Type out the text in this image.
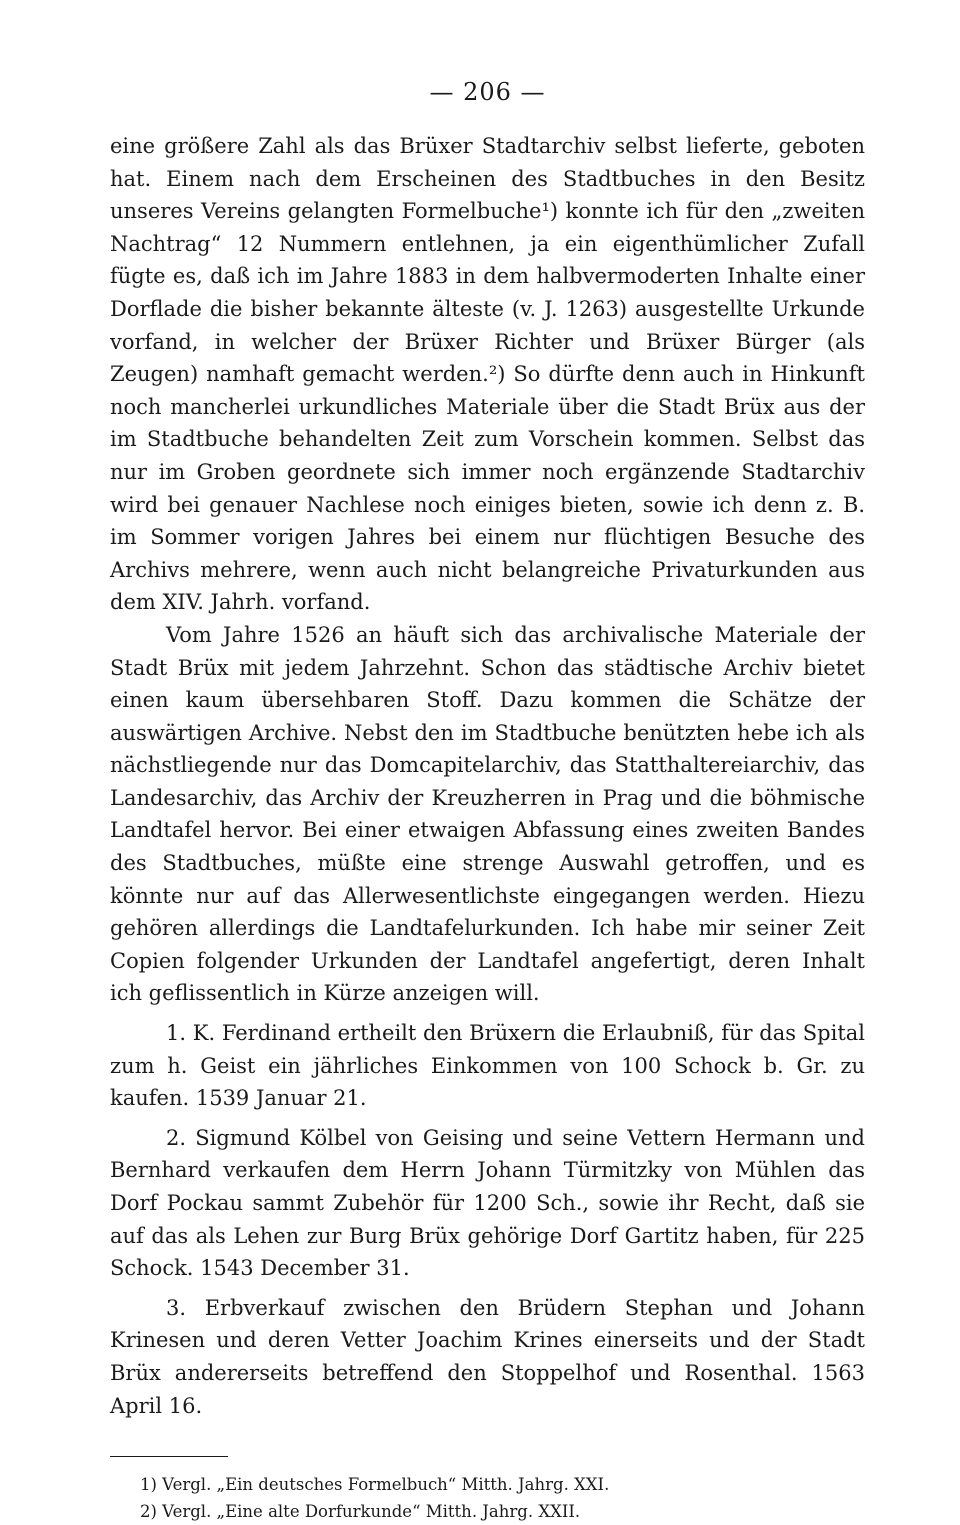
— 206 —

eine größere Zahl als das Brüxer Stadtarchiv selbst lieferte, geboten hat. Einem nach dem Erscheinen des Stadtbuches in den Besitz unseres Vereins gelangten Formelbuche¹) konnte ich für den „zweiten Nachtrag“ 12 Nummern entlehnen, ja ein eigenthümlicher Zufall fügte es, daß ich im Jahre 1883 in dem halbvermoderten Inhalte einer Dorflade die bisher bekannte älteste (v. J. 1263) ausgestellte Urkunde vorfand, in welcher der Brüxer Richter und Brüxer Bürger (als Zeugen) namhaft gemacht werden.²) So dürfte denn auch in Hinkunft noch mancherlei urkundliches Materiale über die Stadt Brüx aus der im Stadtbuche behandelten Zeit zum Vorschein kommen. Selbst das nur im Groben geordnete sich immer noch ergänzende Stadtarchiv wird bei genauer Nachlese noch einiges bieten, sowie ich denn z. B. im Sommer vorigen Jahres bei einem nur flüchtigen Besuche des Archivs mehrere, wenn auch nicht belangreiche Privaturkunden aus dem XIV. Jahrh. vorfand.

Vom Jahre 1526 an häuft sich das archivalische Materiale der Stadt Brüx mit jedem Jahrzehnt. Schon das städtische Archiv bietet einen kaum übersehbaren Stoff. Dazu kommen die Schätze der auswärtigen Archive. Nebst den im Stadtbuche benützten hebe ich als nächstliegende nur das Domcapitelarchiv, das Statthaltereiarchiv, das Landesarchiv, das Archiv der Kreuzherren in Prag und die böhmische Landtafel hervor. Bei einer etwaigen Abfassung eines zweiten Bandes des Stadtbuches, müßte eine strenge Auswahl getroffen, und es könnte nur auf das Allerwesentlichste eingegangen werden. Hiezu gehören allerdings die Landtafelurkunden. Ich habe mir seiner Zeit Copien folgender Urkunden der Landtafel angefertigt, deren Inhalt ich geflissentlich in Kürze anzeigen will.

1. K. Ferdinand ertheilt den Brüxern die Erlaubniß, für das Spital zum h. Geist ein jährliches Einkommen von 100 Schock b. Gr. zu kaufen. 1539 Januar 21.

2. Sigmund Kölbel von Geising und seine Vettern Hermann und Bernhard verkaufen dem Herrn Johann Türmitzky von Mühlen das Dorf Pockau sammt Zubehör für 1200 Sch., sowie ihr Recht, daß sie auf das als Lehen zur Burg Brüx gehörige Dorf Gartitz haben, für 225 Schock. 1543 December 31.

3. Erbverkauf zwischen den Brüdern Stephan und Johann Krinesen und deren Vetter Joachim Krines einerseits und der Stadt Brüx andererseits betreffend den Stoppelhof und Rosenthal. 1563 April 16.

1) Vergl. „Ein deutsches Formelbuch“ Mitth. Jahrg. XXI.

2) Vergl. „Eine alte Dorfurkunde“ Mitth. Jahrg. XXII.
